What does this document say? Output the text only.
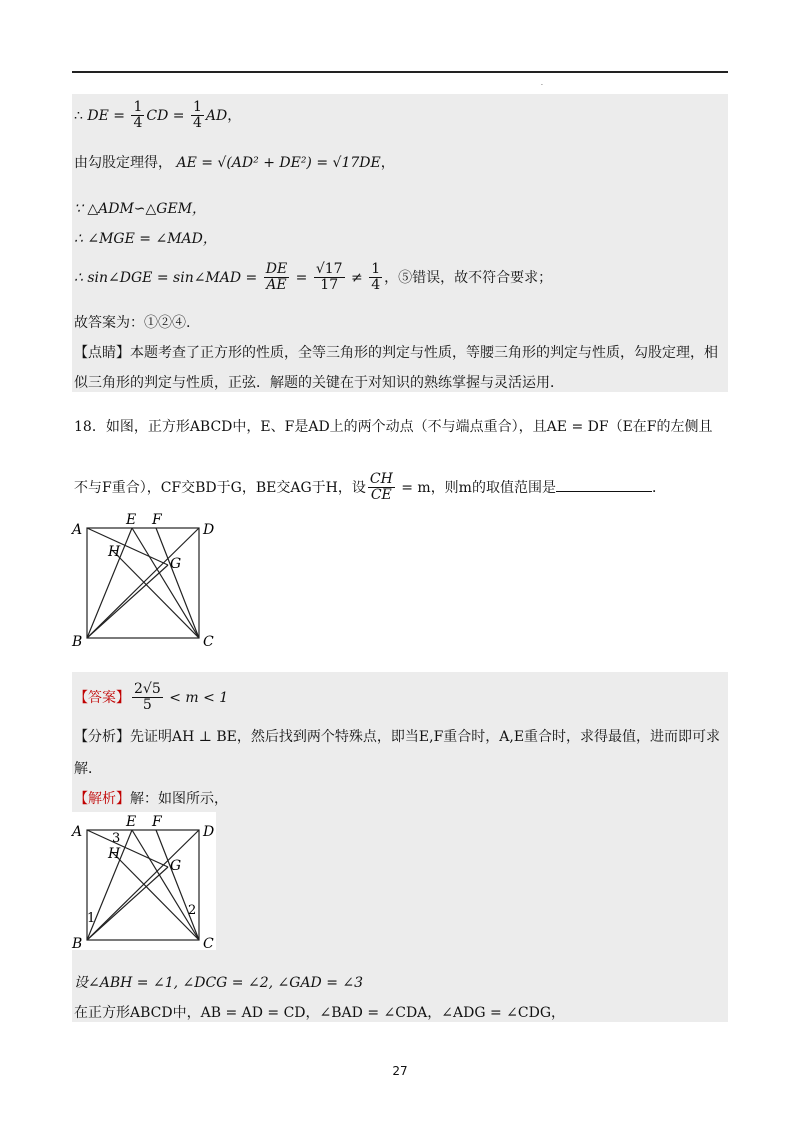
·
∴ DE = $\frac{1}{4}$ CD = $\frac{1}{4}$ AD，
由勾股定理得， AE = √(AD² + DE²) = √17DE，
∵ △ADM∽△GEM，
∴ ∠MGE = ∠MAD，
∴ sin∠DGE = sin∠MAD = $\frac{DE}{AE} = \frac{√17}{17} \ne \frac{1}{4}$ ，⑤错误，故不符合要求；
故答案为：①②④.
【点睛】本题考查了正方形的性质，全等三角形的判定与性质，等腰三角形的判定与性质，勾股定理，相
似三角形的判定与性质，正弦．解题的关键在于对知识的熟练掌握与灵活运用．
18．如图，正方形ABCD中，E、F是AD上的两个动点（不与端点重合），且AE = DF（E在F的左侧且
不与F重合），CF交BD于G，BE交AG于H，设 $\frac{CH}{CE} = m$，则m的取值范围是	．
A
B	C
D
E F
G
H
【答案】 $\frac{2√5}{5} < m < 1$
【分析】先证明AH ⊥ BE，然后找到两个特殊点，即当E,F重合时，A,E重合时，求得最值，进而即可求
解．
【解析】解：如图所示，
A
B	C
D
E F
G
H
1
2
3
设∠ABH = ∠1, ∠DCG = ∠2, ∠GAD = ∠3
在正方形ABCD中，AB = AD = CD，∠BAD = ∠CDA，∠ADG = ∠CDG，
27
